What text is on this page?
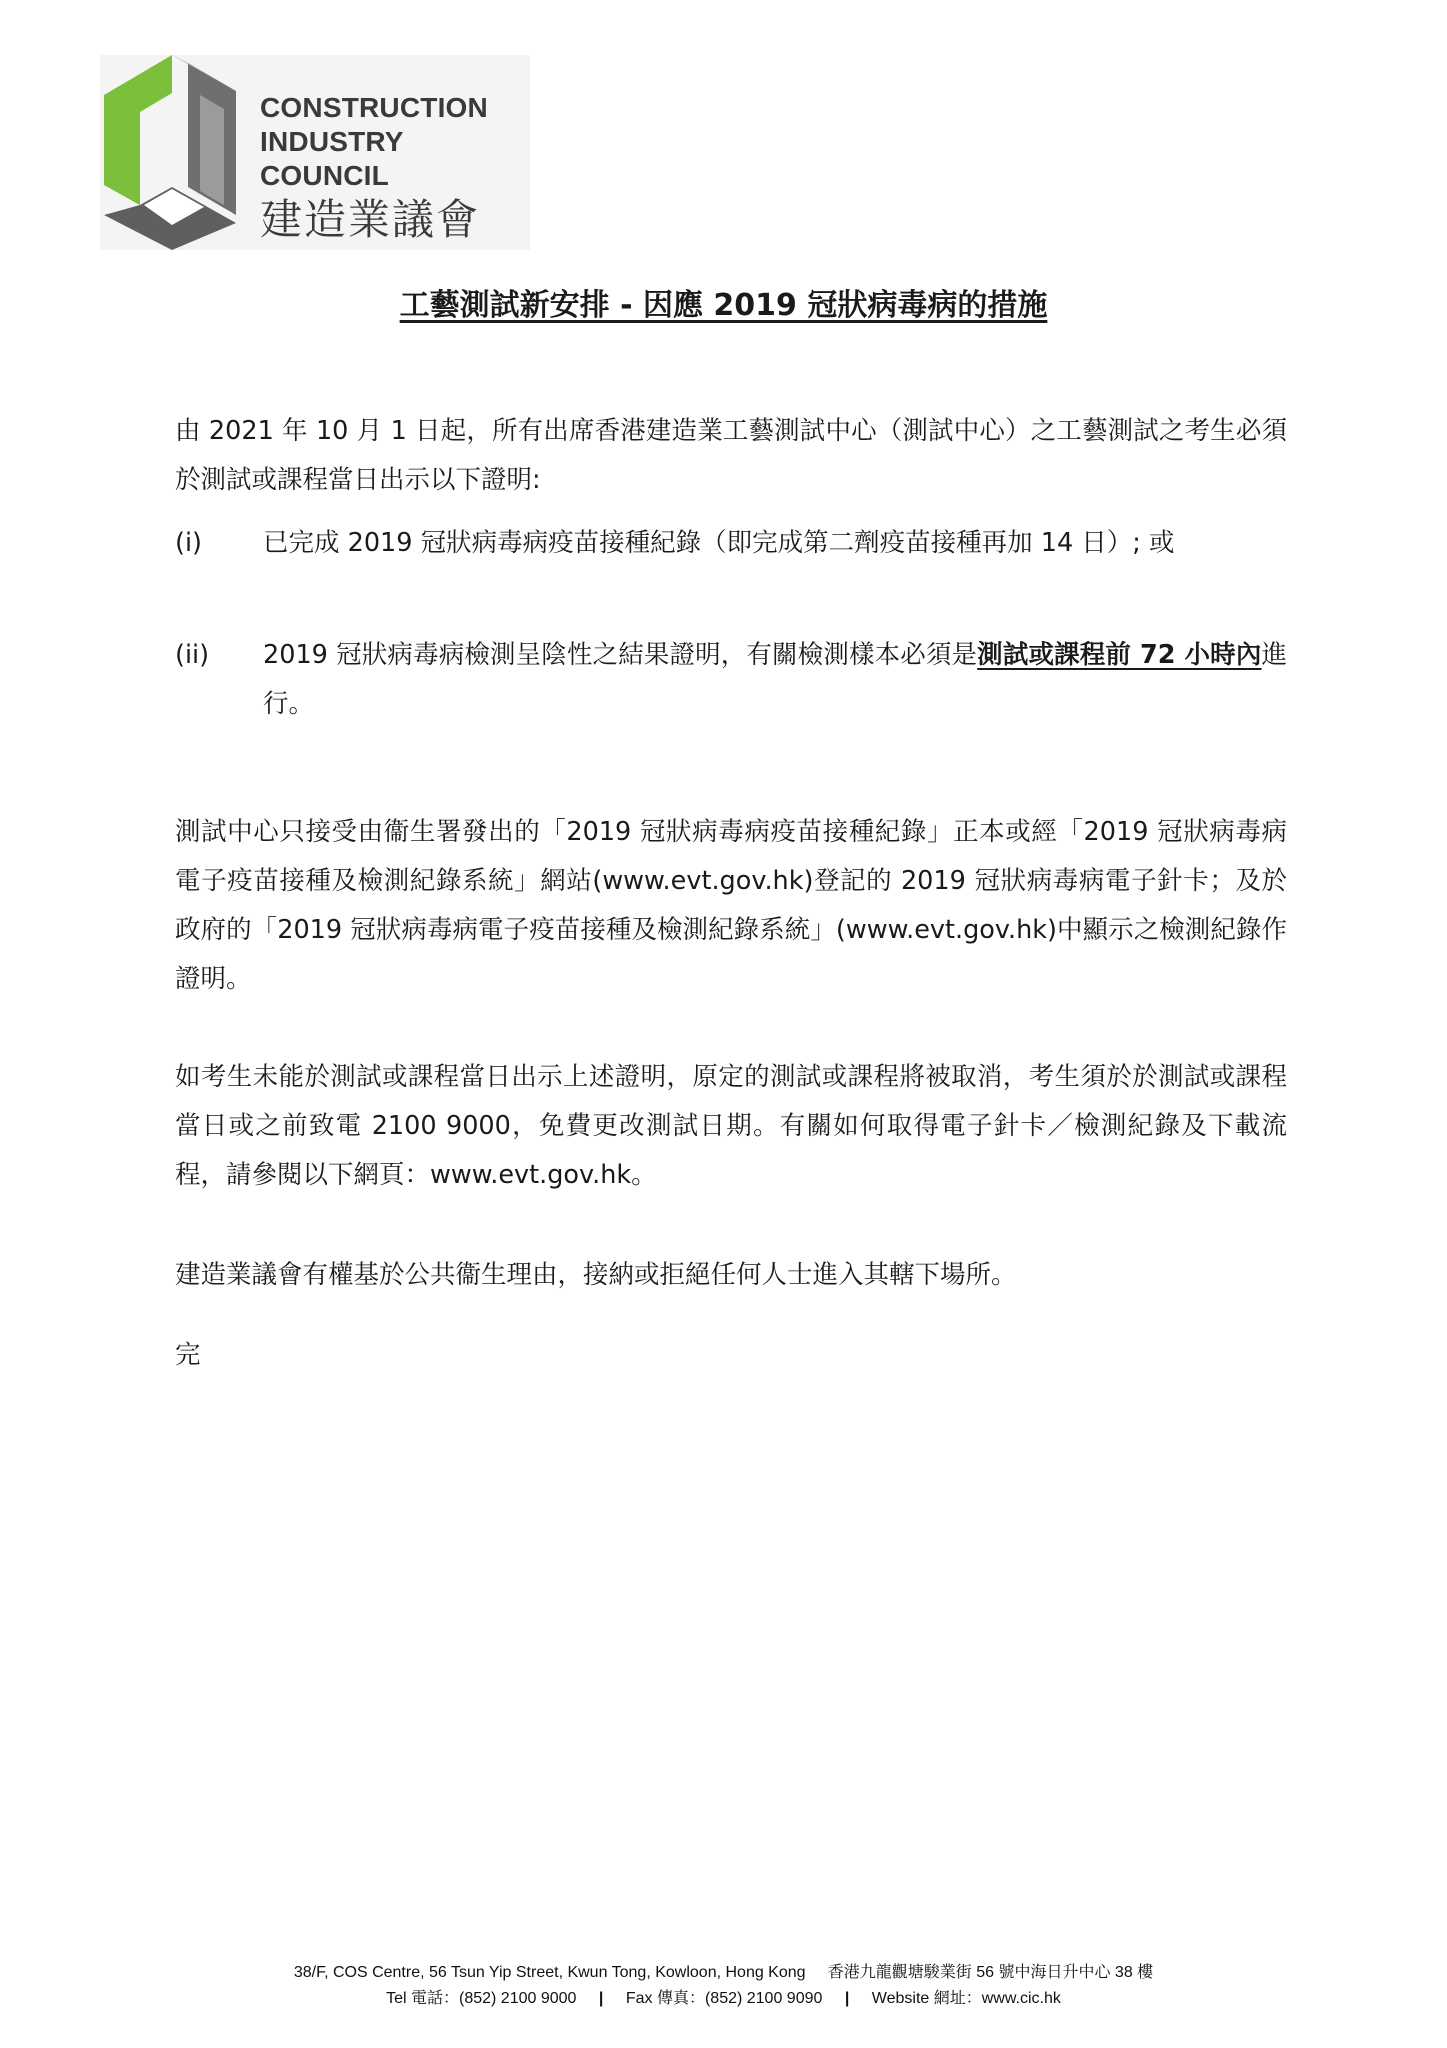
CONSTRUCTION
INDUSTRY COUNCIL
建造業議會
工藝測試新安排 - 因應 2019 冠狀病毒病的措施
由 2021 年 10 月 1 日起，所有出席香港建造業工藝測試中心（測試中心）之工藝測試之考生必須於測試或課程當日出示以下證明:
(i) 已完成 2019 冠狀病毒病疫苗接種紀錄（即完成第二劑疫苗接種再加 14 日）; 或
(ii) 2019 冠狀病毒病檢測呈陰性之結果證明，有關檢測樣本必須是測試或課程前 72 小時內進行。
測試中心只接受由衞生署發出的「2019 冠狀病毒病疫苗接種紀錄」正本或經「2019 冠狀病毒病電子疫苗接種及檢測紀錄系統」網站(www.evt.gov.hk)登記的 2019 冠狀病毒病電子針卡；及於政府的「2019 冠狀病毒病電子疫苗接種及檢測紀錄系統」(www.evt.gov.hk)中顯示之檢測紀錄作證明。
如考生未能於測試或課程當日出示上述證明，原定的測試或課程將被取消，考生須於於測試或課程當日或之前致電 2100 9000，免費更改測試日期。有關如何取得電子針卡／檢測紀錄及下載流程，請參閱以下網頁：www.evt.gov.hk。
建造業議會有權基於公共衞生理由，接納或拒絕任何人士進入其轄下場所。
完
38/F, COS Centre, 56 Tsun Yip Street, Kwun Tong, Kowloon, Hong Kong 香港九龍觀塘駿業街 56 號中海日升中心 38 樓
Tel 電話：(852) 2100 9000 | Fax 傳真：(852) 2100 9090 | Website 網址：www.cic.hk
